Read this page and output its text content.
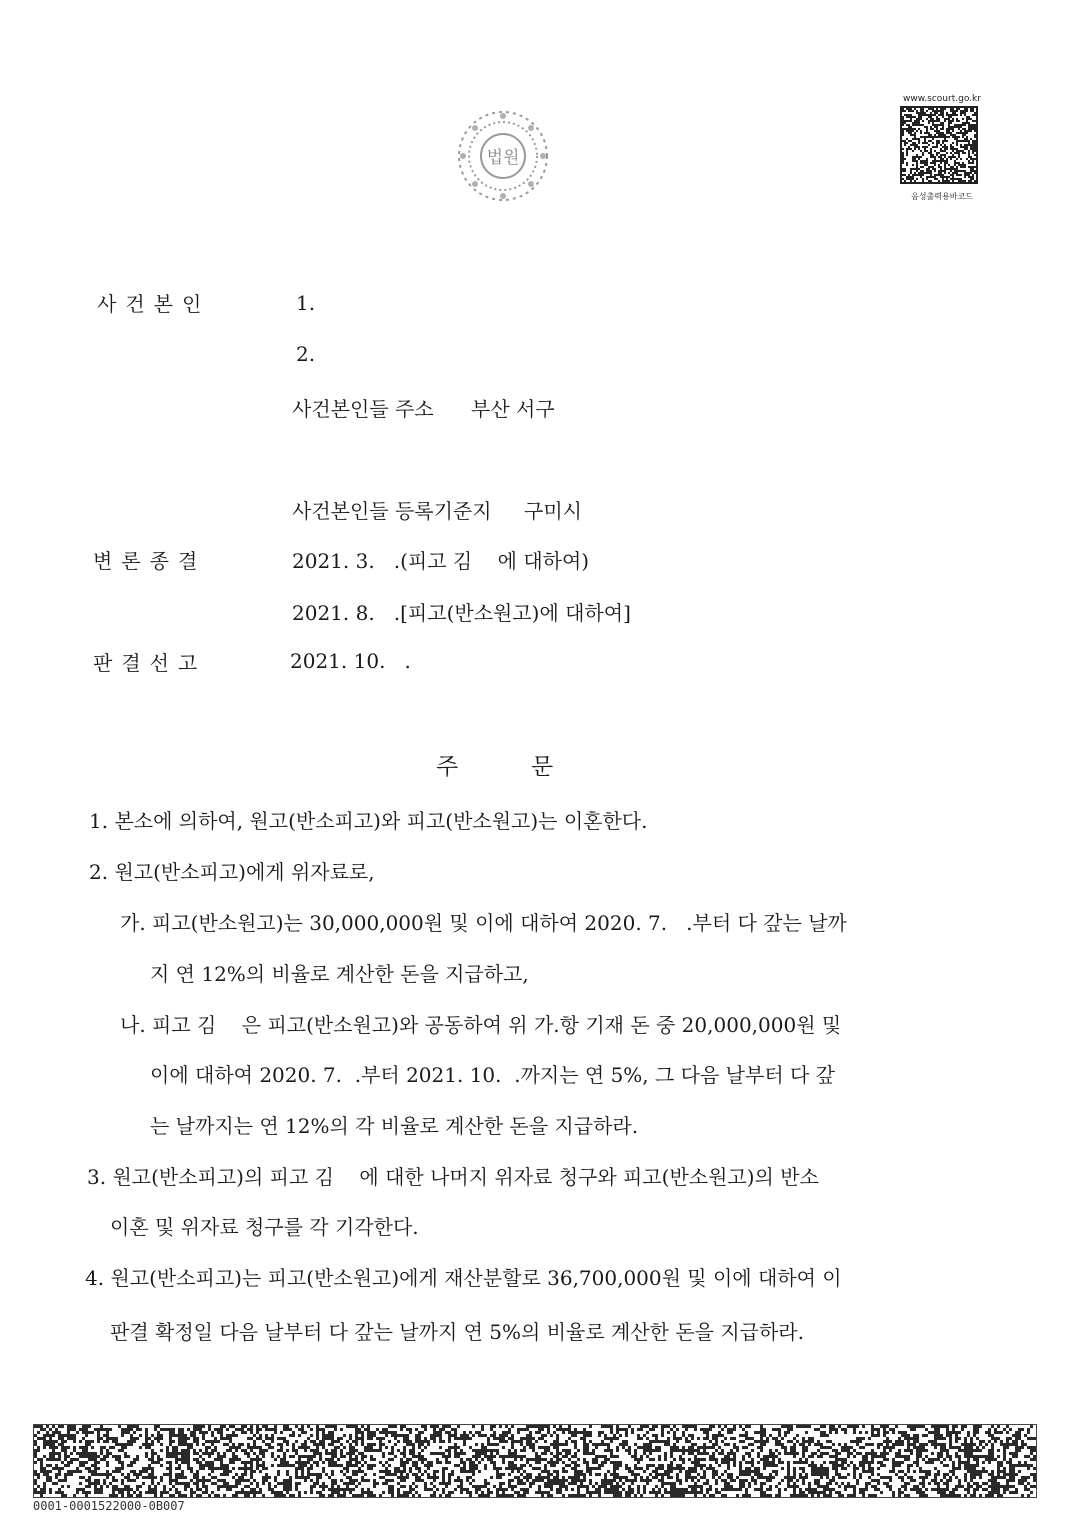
법원
www.scourt.go.kr
음성출력용바코드
사건본인	1.
2.
사건본인들 주소 부산 서구
사건본인들 등록기준지 구미시
변론종결	2021. 3.   .(피고 김    에 대하여)
2021. 8.   .[피고(반소원고)에 대하여]
판결선고	2021. 10.   .
주	문
1. 본소에 의하여, 원고(반소피고)와 피고(반소원고)는 이혼한다.
2. 원고(반소피고)에게 위자료로,
가. 피고(반소원고)는 30,000,000원 및 이에 대하여 2020. 7.   .부터 다 갚는 날까
지 연 12%의 비율로 계산한 돈을 지급하고,
나. 피고 김    은 피고(반소원고)와 공동하여 위 가.항 기재 돈 중 20,000,000원 및
이에 대하여 2020. 7.  .부터 2021. 10.  .까지는 연 5%, 그 다음 날부터 다 갚
는 날까지는 연 12%의 각 비율로 계산한 돈을 지급하라.
3. 원고(반소피고)의 피고 김    에 대한 나머지 위자료 청구와 피고(반소원고)의 반소
이혼 및 위자료 청구를 각 기각한다.
4. 원고(반소피고)는 피고(반소원고)에게 재산분할로 36,700,000원 및 이에 대하여 이
판결 확정일 다음 날부터 다 갚는 날까지 연 5%의 비율로 계산한 돈을 지급하라.
0001-0001522000-0B007
